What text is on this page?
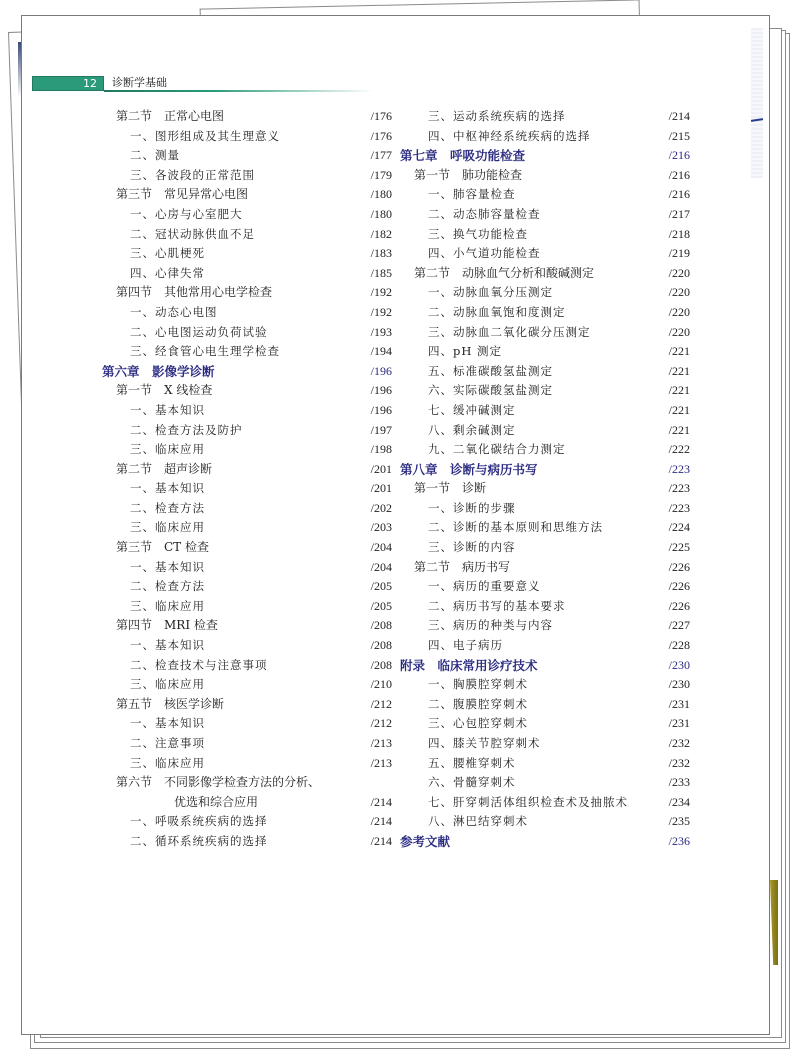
12	诊断学基础
第二节　正常心电图	/176
一、图形组成及其生理意义	/176
二、测量	/177
三、各波段的正常范围	/179
第三节　常见异常心电图	/180
一、心房与心室肥大	/180
二、冠状动脉供血不足	/182
三、心肌梗死	/183
四、心律失常	/185
第四节　其他常用心电学检查	/192
一、动态心电图	/192
二、心电图运动负荷试验	/193
三、经食管心电生理学检查	/194
第六章　影像学诊断	/196
第一节　X 线检查	/196
一、基本知识	/196
二、检查方法及防护	/197
三、临床应用	/198
第二节　超声诊断	/201
一、基本知识	/201
二、检查方法	/202
三、临床应用	/203
第三节　CT 检查	/204
一、基本知识	/204
二、检查方法	/205
三、临床应用	/205
第四节　MRI 检查	/208
一、基本知识	/208
二、检查技术与注意事项	/208
三、临床应用	/210
第五节　核医学诊断	/212
一、基本知识	/212
二、注意事项	/213
三、临床应用	/213
第六节　不同影像学检查方法的分析、
优选和综合应用	/214
一、呼吸系统疾病的选择	/214
二、循环系统疾病的选择	/214
三、运动系统疾病的选择	/214
四、中枢神经系统疾病的选择	/215
第七章　呼吸功能检查	/216
第一节　肺功能检查	/216
一、肺容量检查	/216
二、动态肺容量检查	/217
三、换气功能检查	/218
四、小气道功能检查	/219
第二节　动脉血气分析和酸碱测定	/220
一、动脉血氧分压测定	/220
二、动脉血氧饱和度测定	/220
三、动脉血二氧化碳分压测定	/220
四、pH 测定	/221
五、标准碳酸氢盐测定	/221
六、实际碳酸氢盐测定	/221
七、缓冲碱测定	/221
八、剩余碱测定	/221
九、二氧化碳结合力测定	/222
第八章　诊断与病历书写	/223
第一节　诊断	/223
一、诊断的步骤	/223
二、诊断的基本原则和思维方法	/224
三、诊断的内容	/225
第二节　病历书写	/226
一、病历的重要意义	/226
二、病历书写的基本要求	/226
三、病历的种类与内容	/227
四、电子病历	/228
附录　临床常用诊疗技术	/230
一、胸膜腔穿刺术	/230
二、腹膜腔穿刺术	/231
三、心包腔穿刺术	/231
四、膝关节腔穿刺术	/232
五、腰椎穿刺术	/232
六、骨髓穿刺术	/233
七、肝穿刺活体组织检查术及抽脓术	/234
八、淋巴结穿刺术	/235
参考文献	/236
